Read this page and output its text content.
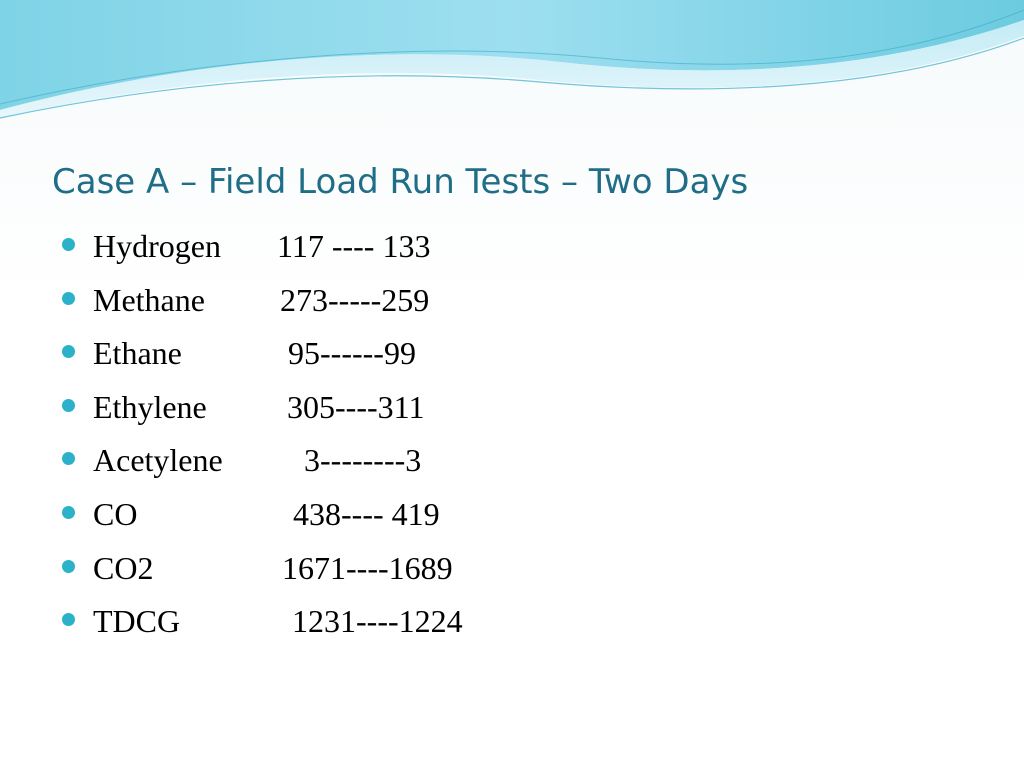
Case A – Field Load Run Tests – Two Days
Hydrogen 117 ---- 133
Methane 273-----259
Ethane	95------99
Ethylene	305----311
Acetylene	3--------3
CO	438---- 419
CO2	1671----1689
TDCG	1231----1224
